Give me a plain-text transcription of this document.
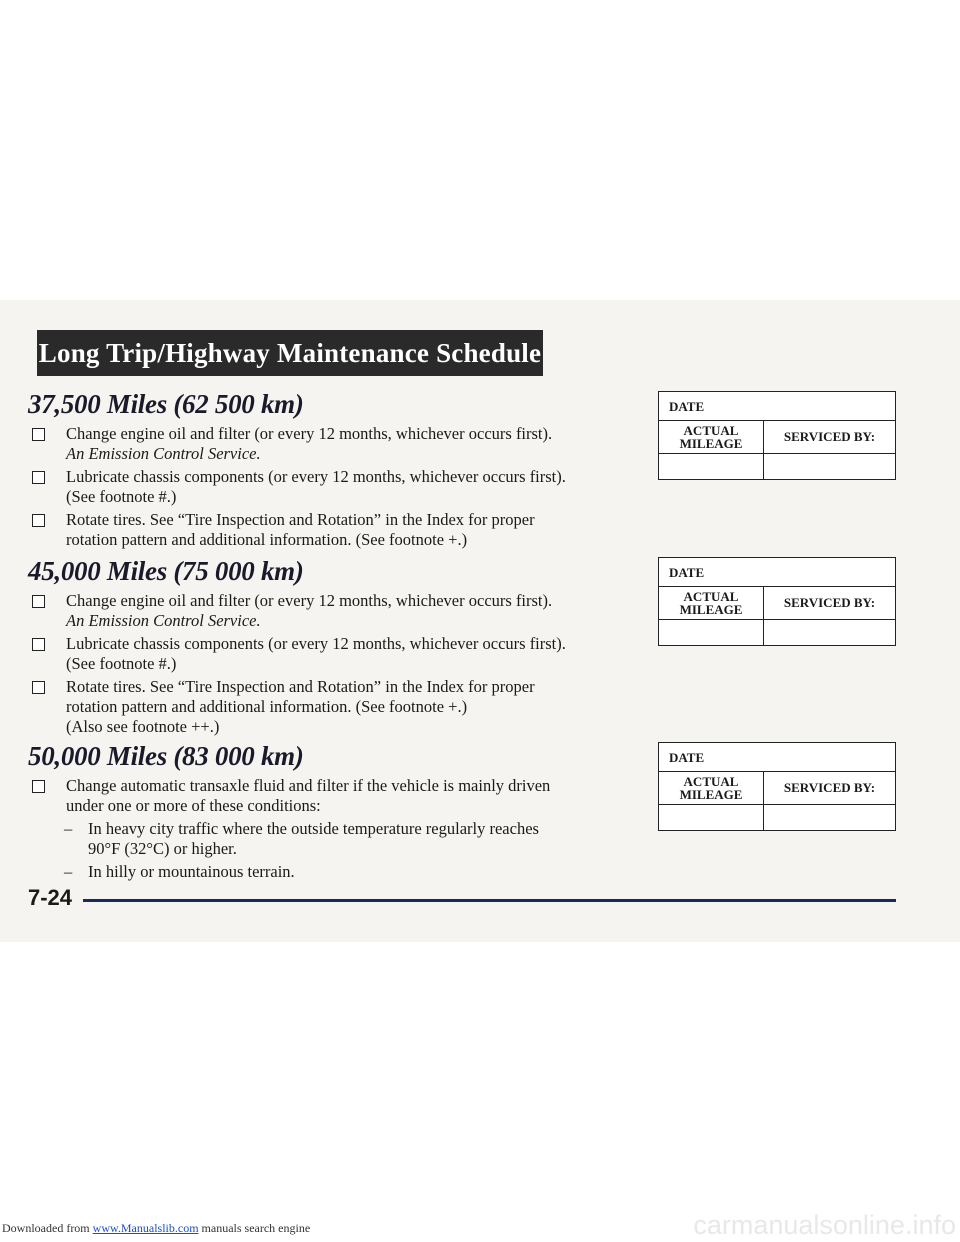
Long Trip/Highway Maintenance Schedule
37,500 Miles (62 500 km)
Change engine oil and filter (or every 12 months, whichever occurs first).
An Emission Control Service.
Lubricate chassis components (or every 12 months, whichever occurs first).
(See footnote #.)
Rotate tires. See “Tire Inspection and Rotation” in the Index for proper
rotation pattern and additional information. (See footnote +.)
45,000 Miles (75 000 km)
Change engine oil and filter (or every 12 months, whichever occurs first).
An Emission Control Service.
Lubricate chassis components (or every 12 months, whichever occurs first).
(See footnote #.)
Rotate tires. See “Tire Inspection and Rotation” in the Index for proper
rotation pattern and additional information. (See footnote +.)
(Also see footnote ++.)
50,000 Miles (83 000 km)
Change automatic transaxle fluid and filter if the vehicle is mainly driven
under one or more of these conditions:
– In heavy city traffic where the outside temperature regularly reaches
90°F (32°C) or higher.
– In hilly or mountainous terrain.
DATE
ACTUAL
MILEAGE	SERVICED BY:
DATE
ACTUAL
MILEAGE	SERVICED BY:
DATE
ACTUAL
MILEAGE	SERVICED BY:
7-24
Downloaded from www.Manualslib.com manuals search engine	carmanualsonline.info
